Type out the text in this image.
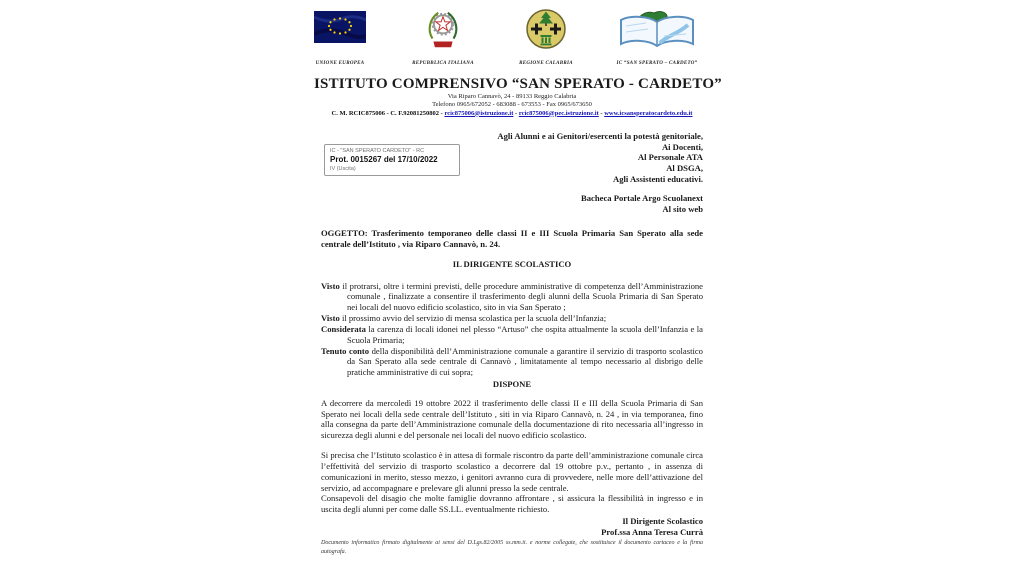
UNIONE EUROPEA	REPUBBLICA ITALIANA	REGIONE CALABRIA	IC “SAN SPERATO – CARDETO”
ISTITUTO COMPRENSIVO “SAN SPERATO - CARDETO”
Via Riparo Cannavò, 24 - 89133 Reggio Calabria
Telefono 0965/672052 - 683088 - 673553 - Fax 0965/673650
C. M. RCIC875006 - C. F.92081250802 - rcic875006@istruzione.it - rcic875006@pec.istruzione.it - www.icsansperatocardeto.edu.it
IC - "SAN SPERATO CARDETO" - RC
Prot. 0015267 del 17/10/2022
IV (Uscita)
Agli Alunni e ai Genitori/esercenti la potestà genitoriale,
Ai Docenti,
Al Personale ATA
Al DSGA,
Agli Assistenti educativi.
Bacheca Portale Argo Scuolanext
Al sito web
OGGETTO: Trasferimento temporaneo delle classi II e III Scuola Primaria San Sperato alla sede centrale dell’Istituto , via Riparo Cannavò, n. 24.
IL DIRIGENTE SCOLASTICO

Visto il protrarsi, oltre i termini previsti, delle procedure amministrative di competenza dell’Amministrazione comunale , finalizzate a consentire il trasferimento degli alunni della Scuola Primaria di San Sperato nei locali del nuovo edificio scolastico, sito in via San Sperato ;

Visto il prossimo avvio del servizio di mensa scolastica per la scuola dell’Infanzia;

Considerata la carenza di locali idonei nel plesso “Artuso” che ospita attualmente la scuola dell’Infanzia e la Scuola Primaria;

Tenuto conto della disponibilità dell’Amministrazione comunale a garantire il servizio di trasporto scolastico da San Sperato alla sede centrale di Cannavò , limitatamente al tempo necessario al disbrigo delle pratiche amministrative di cui sopra;

DISPONE

A decorrere da mercoledì 19 ottobre 2022 il trasferimento delle classi II e III della Scuola Primaria di San Sperato nei locali della sede centrale dell’Istituto , siti in via Riparo Cannavò, n. 24 , in via temporanea, fino alla consegna da parte dell’Amministrazione comunale della documentazione di rito necessaria all’ingresso in sicurezza degli alunni e del personale nei locali del nuovo edificio scolastico.

Si precisa che l’Istituto scolastico è in attesa di formale riscontro da parte dell’amministrazione comunale circa l’effettività del servizio di trasporto scolastico a decorrere dal 19 ottobre p.v., pertanto , in assenza di comunicazioni in merito, stesso mezzo, i genitori avranno cura di provvedere, nelle more dell’attivazione del servizio, ad accompagnare e prelevare gli alunni presso la sede centrale.

Consapevoli del disagio che molte famiglie dovranno affrontare , si assicura la flessibilità in ingresso e in uscita degli alunni per come dalle SS.LL. eventualmente richiesto.

Il Dirigente Scolastico
Prof.ssa Anna Teresa Currà
Documento informatico firmato digitalmente ai sensi del D.Lgs.82/2005 ss.mm.ii. e norme collegate, che sostituisce il documento cartaceo e la firma autografa.
